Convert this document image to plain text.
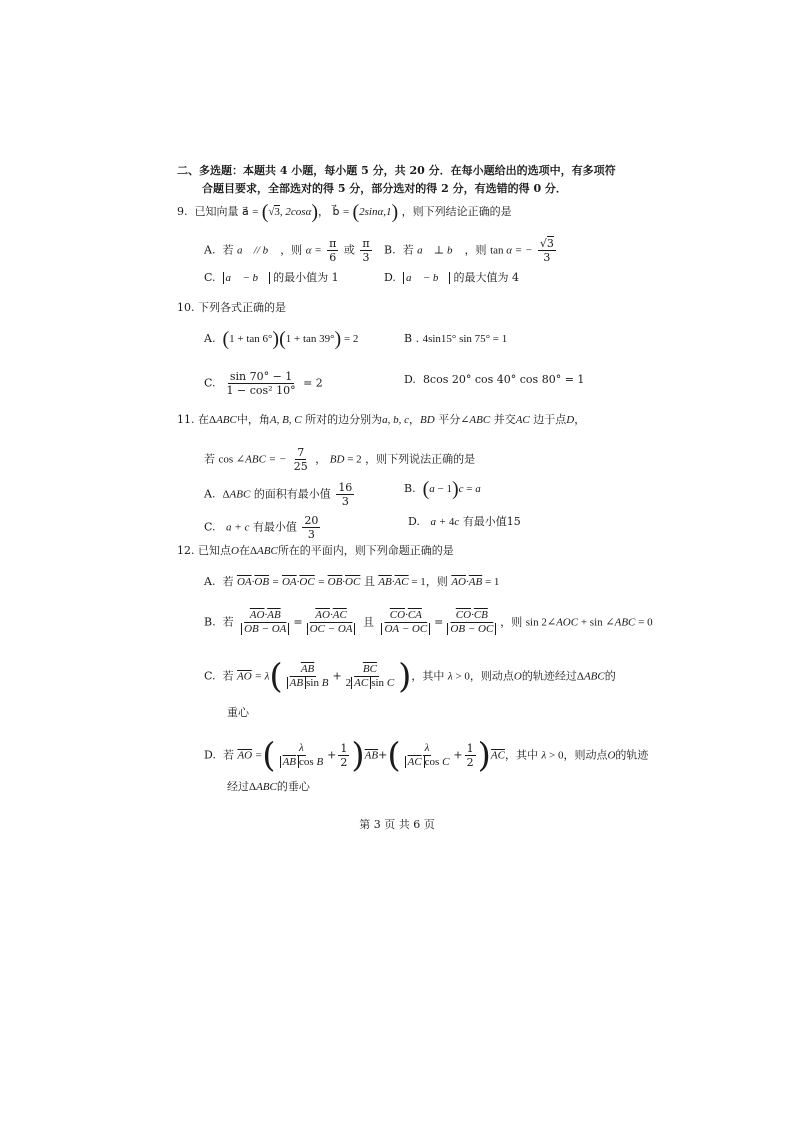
二、多选题：本题共 4 小题，每小题 5 分，共 20 分．在每小题给出的选项中，有多项符
合题目要求，全部选对的得 5 分，部分选对的得 2 分，有选错的得 0 分．
9. 已知向量 a⃗ = (√3, 2cosα)， b⃗ = (2sinα,1) ，则下列结论正确的是
A. 若 a⃗ // b⃗ ，则 $\alpha = \frac{\pi}{6}$ 或 $\frac{\pi}{3} B$. 若 a⃗ ⊥ b⃗ ，则 tan α = − $\frac{√3}{3}$
C. a⃗ − b⃗ 的最小值为 1	D. a⃗ − b⃗ 的最大值为 4
10. 下列各式正确的是
A. (1 + tan 6°)(1 + tan 39°) = 2	B . 4sin15° sin 75° = 1
C. $\frac{\sin 70^\circ - 1}{\text{1 − cos² 10°}} = 2$	D. 8cos 20° cos 40° cos 80° = 1
11. 在ΔABC中，角A, B, C 所对的边分别为a, b, c，BD 平分∠ABC 并交AC 边于点D，
若 cos ∠ABC = − $\frac{7}{25}$ ， BD = 2 ，则下列说法正确的是
A. ΔABC 的面积有最小值 $\frac{16}{3}$	B. (a − 1)c = a
C. a + c 有最小值 $\frac{20}{3}$	D. a + 4c 有最小值15
12. 已知点O在ΔABC所在的平面内，则下列命题正确的是
A. 若 $\overline{OA}\cdot\overline{OB} = \overline{OA}\cdot\overline{OC} = \overline{OB}\cdot\overline{OC}$ 且 $\overline{AB}\cdot\overline{AC} = 1$，则 $\overline{AO}\cdot\overline{AB} = 1$
B. 若 $\frac{\overline{AO}\cdot\overline{AB}}{\overline{OB} - \overline{OA}} = \frac{\overline{AO}\cdot\overline{AC}}{\overline{OC} - \overline{OA}}$ 且 $\frac{\overline{CO}\cdot\overline{CA}}{\overline{OA} - \overline{OC}} = \frac{\overline{CO}\cdot\overline{CB}}{\overline{OB} - \overline{OC}}$ ，则 sin 2∠AOC + sin ∠ABC = 0
C. 若 $\overline{AO} = \lambda( \frac{\overline{AB}}{\overline{AB} \sin B} + \frac{\overline{BC}}{2 \overline{AC} \sin C}$ )，其中 λ > 0，则动点O的轨迹经过ΔABC的
重心
D. 若 $\overline{AO}$ =( $\frac{\lambda}{\overline{AB} \cos B} + \frac{1}{2} )\overline{AB}+( \frac{\lambda}{\overline{AC} \cos C} + \frac{1}{2} )\overline{AC}$，其中 λ > 0，则动点O的轨迹
经过ΔABC的垂心
第 3 页 共 6 页
